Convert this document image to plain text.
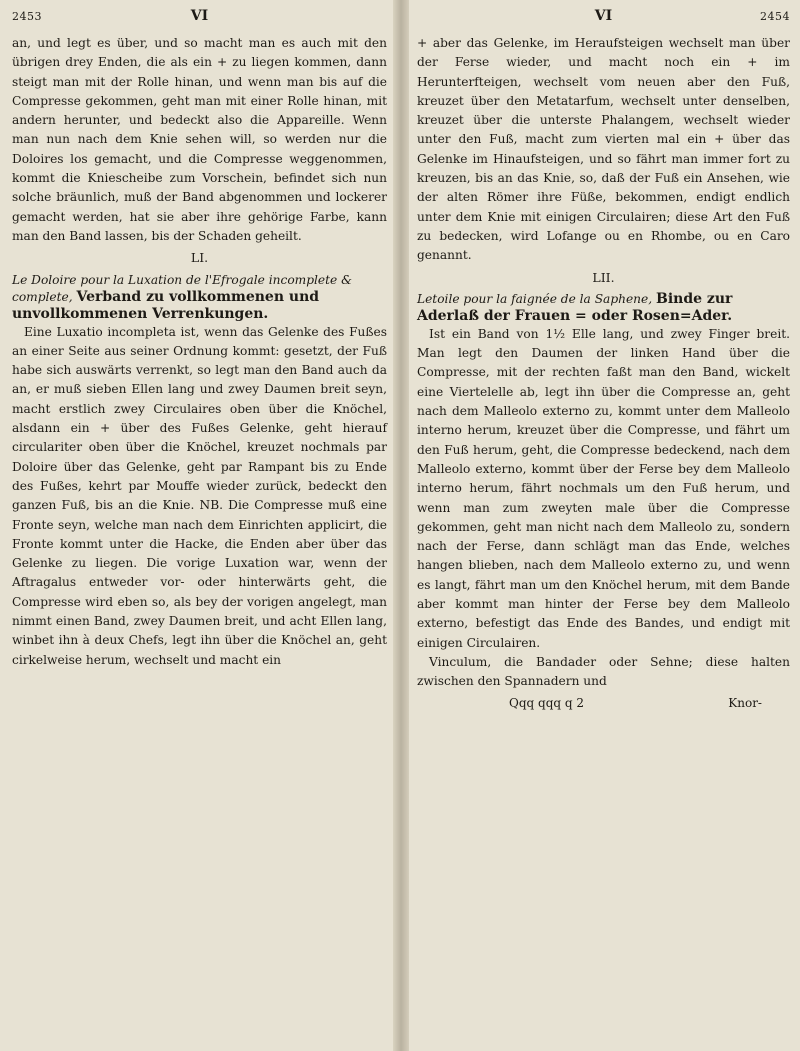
2453	VI

an, und legt es über, und so macht man es auch mit den übrigen drey Enden, die als ein + zu liegen kommen, dann steigt man mit der Rolle hinan, und wenn man bis auf die Compresse gekommen, geht man mit einer Rolle hinan, mit andern herunter, und bedeckt also die Appareille. Wenn man nun nach dem Knie sehen will, so werden nur die Doloires los gemacht, und die Compresse weggenommen, kommt die Kniescheibe zum Vorschein, befindet sich nun solche bräunlich, muß der Band abgenommen und lockerer gemacht werden, hat sie aber ihre gehörige Farbe, kann man den Band lassen, bis der Schaden geheilt.

LI.
Le Doloire pour la Luxation de l'Efrogale incomplete & complete, Verband zu vollkommenen und unvollkommenen Verrenkungen.

Eine Luxatio incompleta ist, wenn das Gelenke des Fußes an einer Seite aus seiner Ordnung kommt: gesetzt, der Fuß habe sich auswärts verrenkt, so legt man den Band auch da an, er muß sieben Ellen lang und zwey Daumen breit seyn, macht erstlich zwey Circulaires oben über die Knöchel, alsdann ein + über des Fußes Gelenke, geht hierauf circulariter oben über die Knöchel, kreuzet nochmals par Doloire über das Gelenke, geht par Rampant bis zu Ende des Fußes, kehrt par Mouffe wieder zurück, bedeckt den ganzen Fuß, bis an die Knie. NB. Die Compresse muß eine Fronte seyn, welche man nach dem Einrichten applicirt, die Fronte kommt unter die Hacke, die Enden aber über das Gelenke zu liegen. Die vorige Luxation war, wenn der Aftragalus entweder vor- oder hinterwärts geht, die Compresse wird eben so, als bey der vorigen angelegt, man nimmt einen Band, zwey Daumen breit, und acht Ellen lang, winbet ihn à deux Chefs, legt ihn über die Knöchel an, geht cirkelweise herum, wechselt und macht ein

VI	2454

+ aber das Gelenke, im Heraufsteigen wechselt man über der Ferse wieder, und macht noch ein + im Herunterfteigen, wechselt vom neuen aber den Fuß, kreuzet über den Metatarfum, wechselt unter denselben, kreuzet über die unterste Phalangem, wechselt wieder unter den Fuß, macht zum vierten mal ein + über das Gelenke im Hinaufsteigen, und so fährt man immer fort zu kreuzen, bis an das Knie, so, daß der Fuß ein Ansehen, wie der alten Römer ihre Füße, bekommen, endigt endlich unter dem Knie mit einigen Circulairen; diese Art den Fuß zu bedecken, wird Lofange ou en Rhombe, ou en Caro genannt.

LII.
Letoile pour la faignée de la Saphene, Binde zur Aderlaß der Frauen = oder Rosen=Ader.

Ist ein Band von 1½ Elle lang, und zwey Finger breit. Man legt den Daumen der linken Hand über die Compresse, mit der rechten faßt man den Band, wickelt eine Viertelelle ab, legt ihn über die Compresse an, geht nach dem Malleolo externo zu, kommt unter dem Malleolo interno herum, kreuzet über die Compresse, und fährt um den Fuß herum, geht, die Compresse bedeckend, nach dem Malleolo externo, kommt über der Ferse bey dem Malleolo interno herum, fährt nochmals um den Fuß herum, und wenn man zum zweyten male über die Compresse gekommen, geht man nicht nach dem Malleolo zu, sondern nach der Ferse, dann schlägt man das Ende, welches hangen blieben, nach dem Malleolo externo zu, und wenn es langt, fährt man um den Knöchel herum, mit dem Bande aber kommt man hinter der Ferse bey dem Malleolo externo, befestigt das Ende des Bandes, und endigt mit einigen Circulairen.

Vinculum, die Bandader oder Sehne; diese halten zwischen den Spannadern und

Qqq qqq q 2	Knor-
